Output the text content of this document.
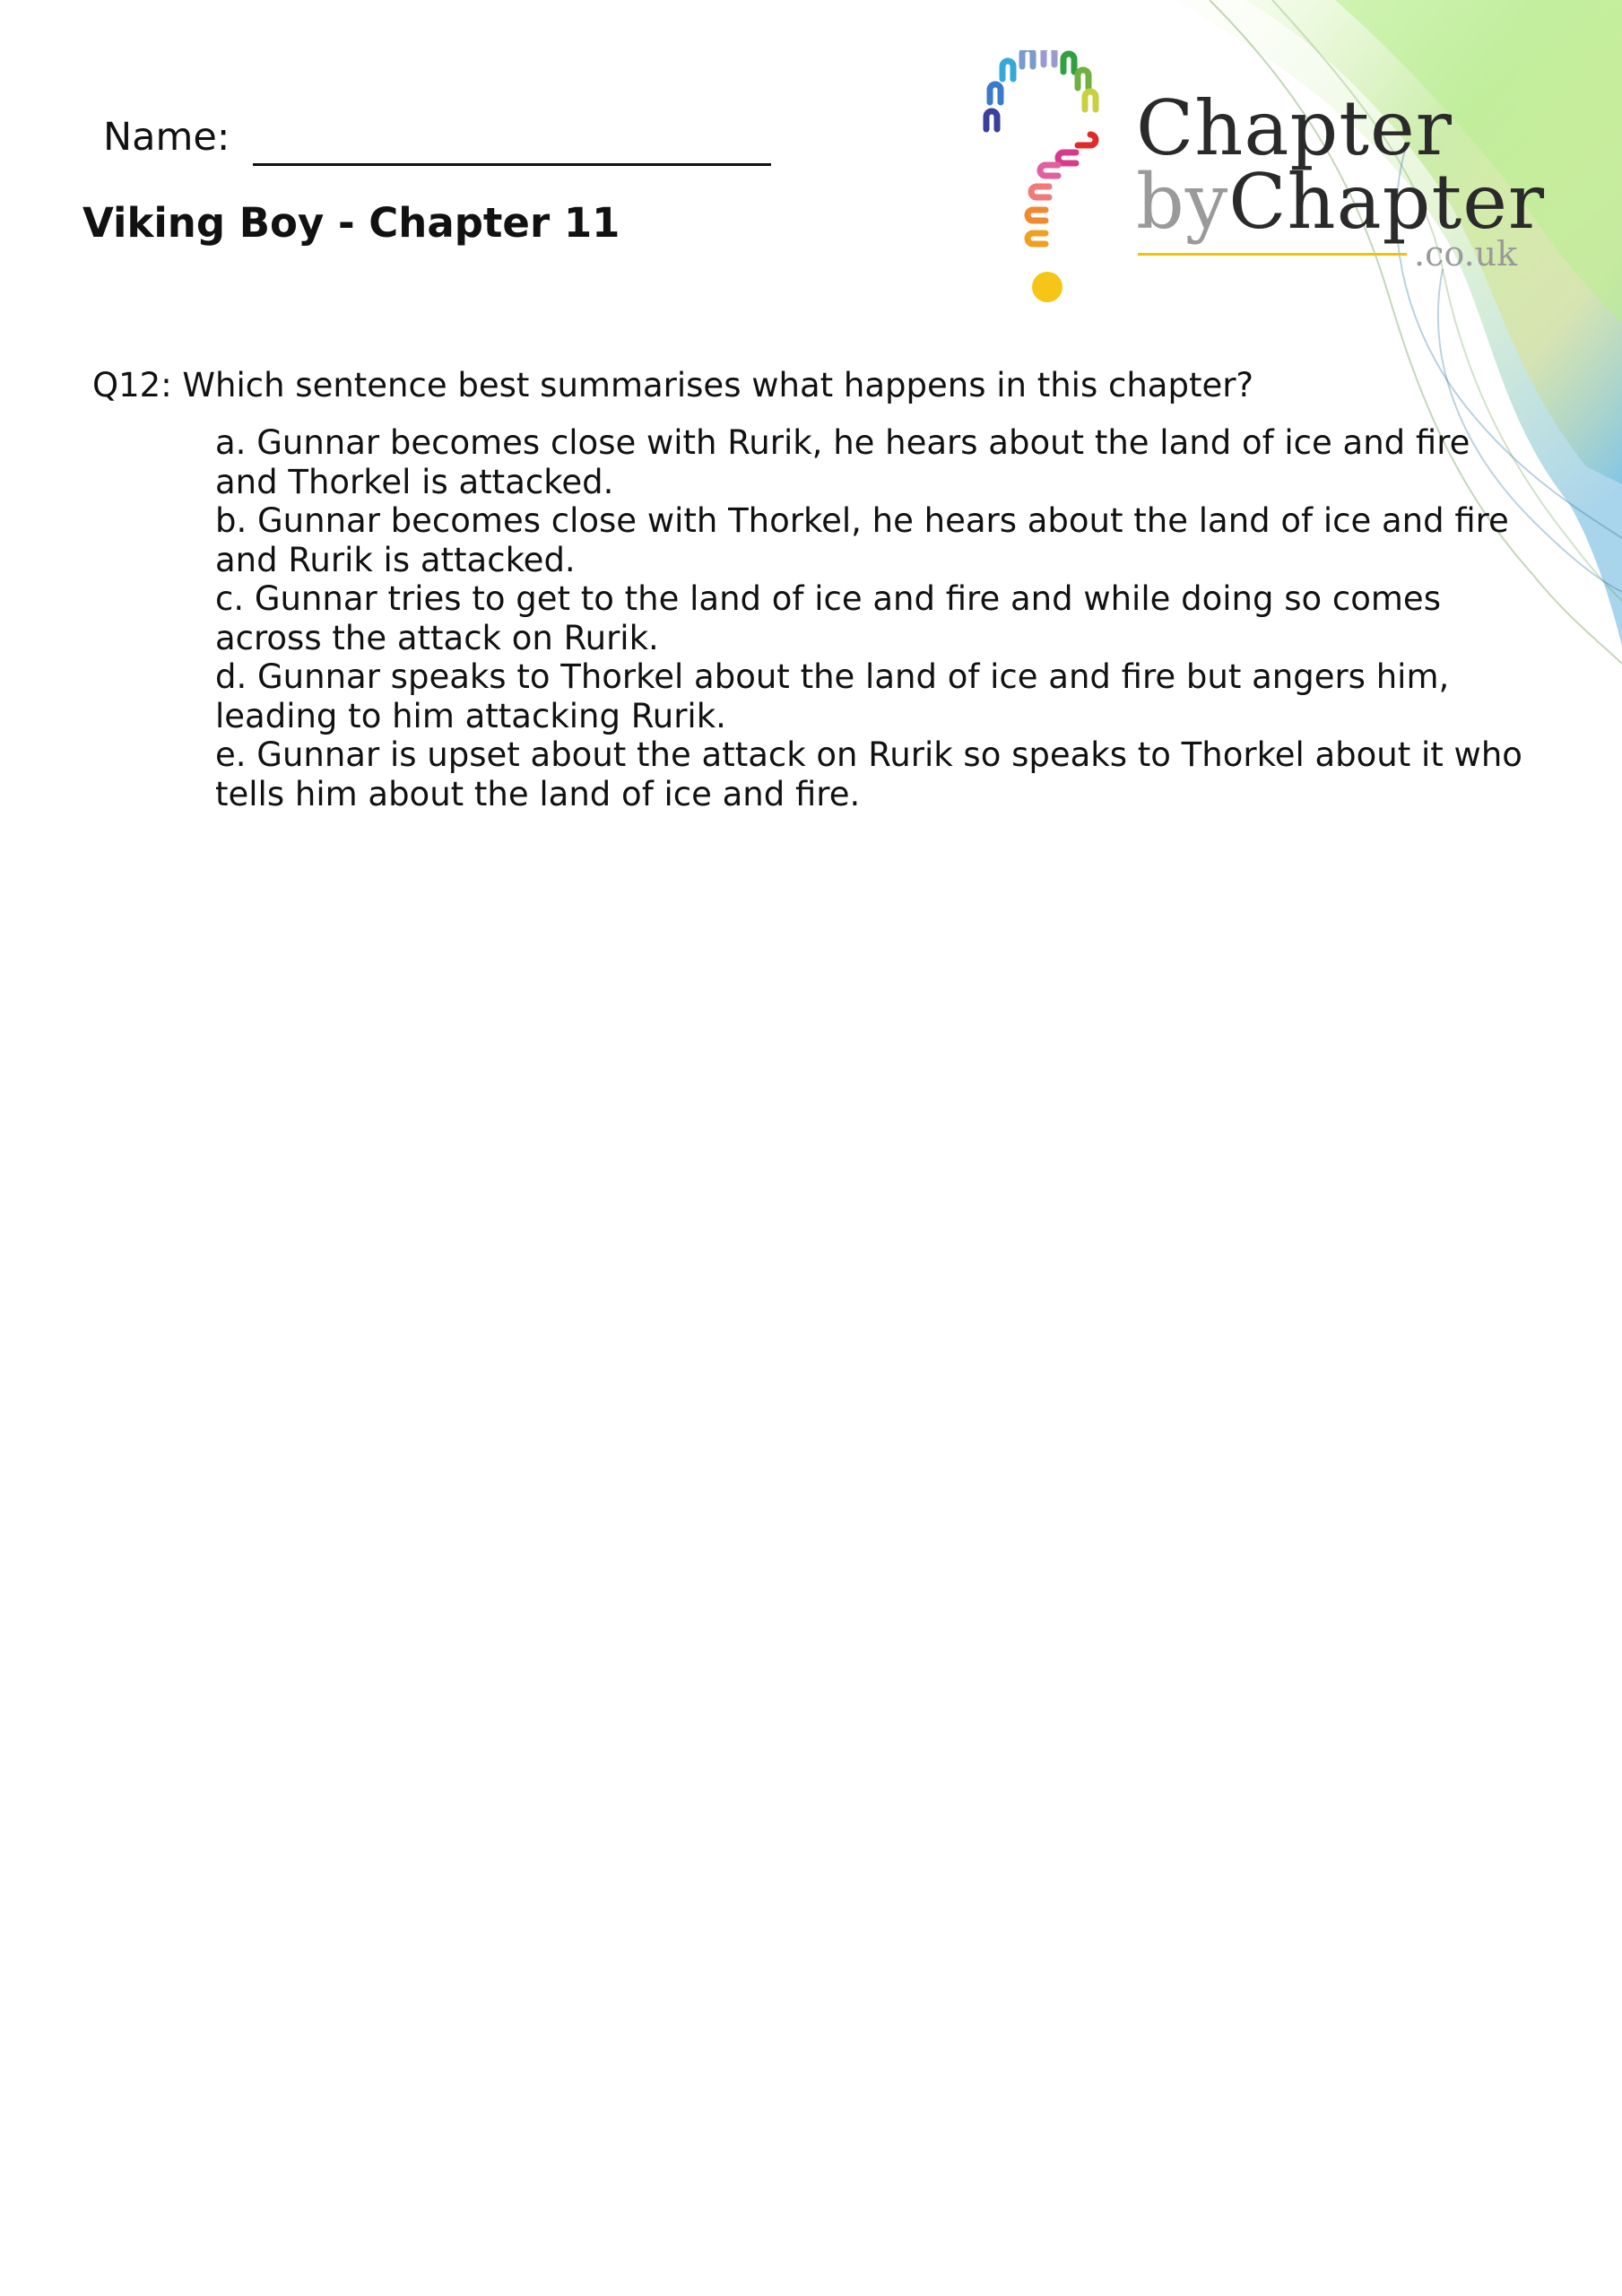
Name:
Viking Boy - Chapter 11
Chapter
byChapter
.co.uk
Q12: Which sentence best summarises what happens in this chapter?
a. Gunnar becomes close with Rurik, he hears about the land of ice and fire and Thorkel is attacked.
b. Gunnar becomes close with Thorkel, he hears about the land of ice and fire and Rurik is attacked.
c. Gunnar tries to get to the land of ice and fire and while doing so comes across the attack on Rurik.
d. Gunnar speaks to Thorkel about the land of ice and fire but angers him, leading to him attacking Rurik.
e. Gunnar is upset about the attack on Rurik so speaks to Thorkel about it who tells him about the land of ice and fire.
